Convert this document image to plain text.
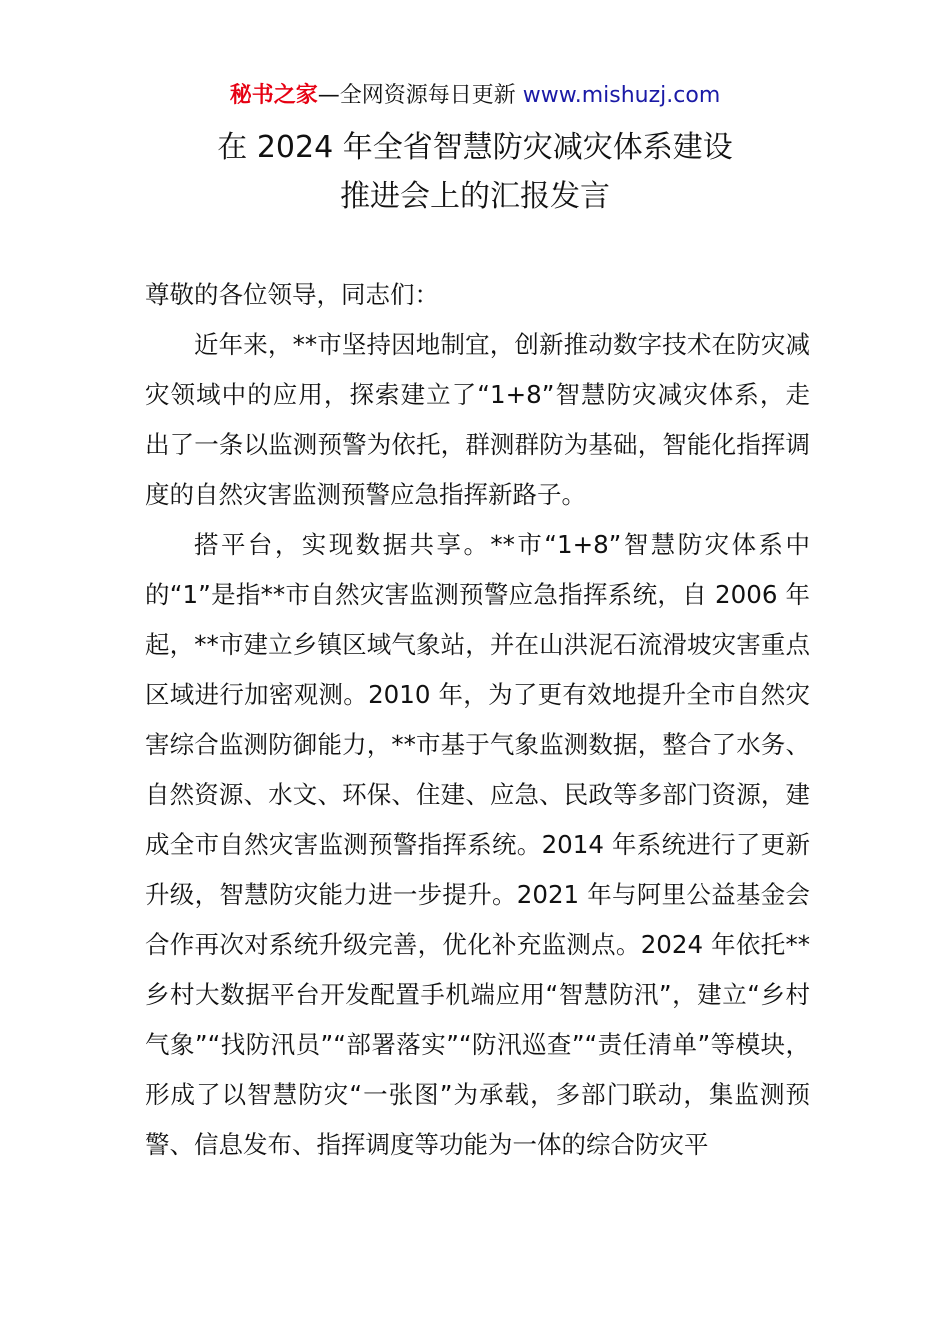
秘书之家—全网资源每日更新 www.mishuzj.com
在 2024 年全省智慧防灾减灾体系建设
推进会上的汇报发言

尊敬的各位领导，同志们：

近年来，**市坚持因地制宜，创新推动数字技术在防灾减灾领域中的应用，探索建立了“1+8”智慧防灾减灾体系，走出了一条以监测预警为依托，群测群防为基础，智能化指挥调度的自然灾害监测预警应急指挥新路子。

搭平台，实现数据共享。**市“1+8”智慧防灾体系中的“1”是指**市自然灾害监测预警应急指挥系统，自 2006 年起，**市建立乡镇区域气象站，并在山洪泥石流滑坡灾害重点区域进行加密观测。2010 年，为了更有效地提升全市自然灾害综合监测防御能力，**市基于气象监测数据，整合了水务、自然资源、水文、环保、住建、应急、民政等多部门资源，建成全市自然灾害监测预警指挥系统。2014 年系统进行了更新升级，智慧防灾能力进一步提升。2021 年与阿里公益基金会合作再次对系统升级完善，优化补充监测点。2024 年依托**乡村大数据平台开发配置手机端应用“智慧防汛”，建立“乡村气象”“找防汛员”“部署落实”“防汛巡查”“责任清单”等模块，形成了以智慧防灾“一张图”为承载，多部门联动，集监测预警、信息发布、指挥调度等功能为一体的综合防灾平
